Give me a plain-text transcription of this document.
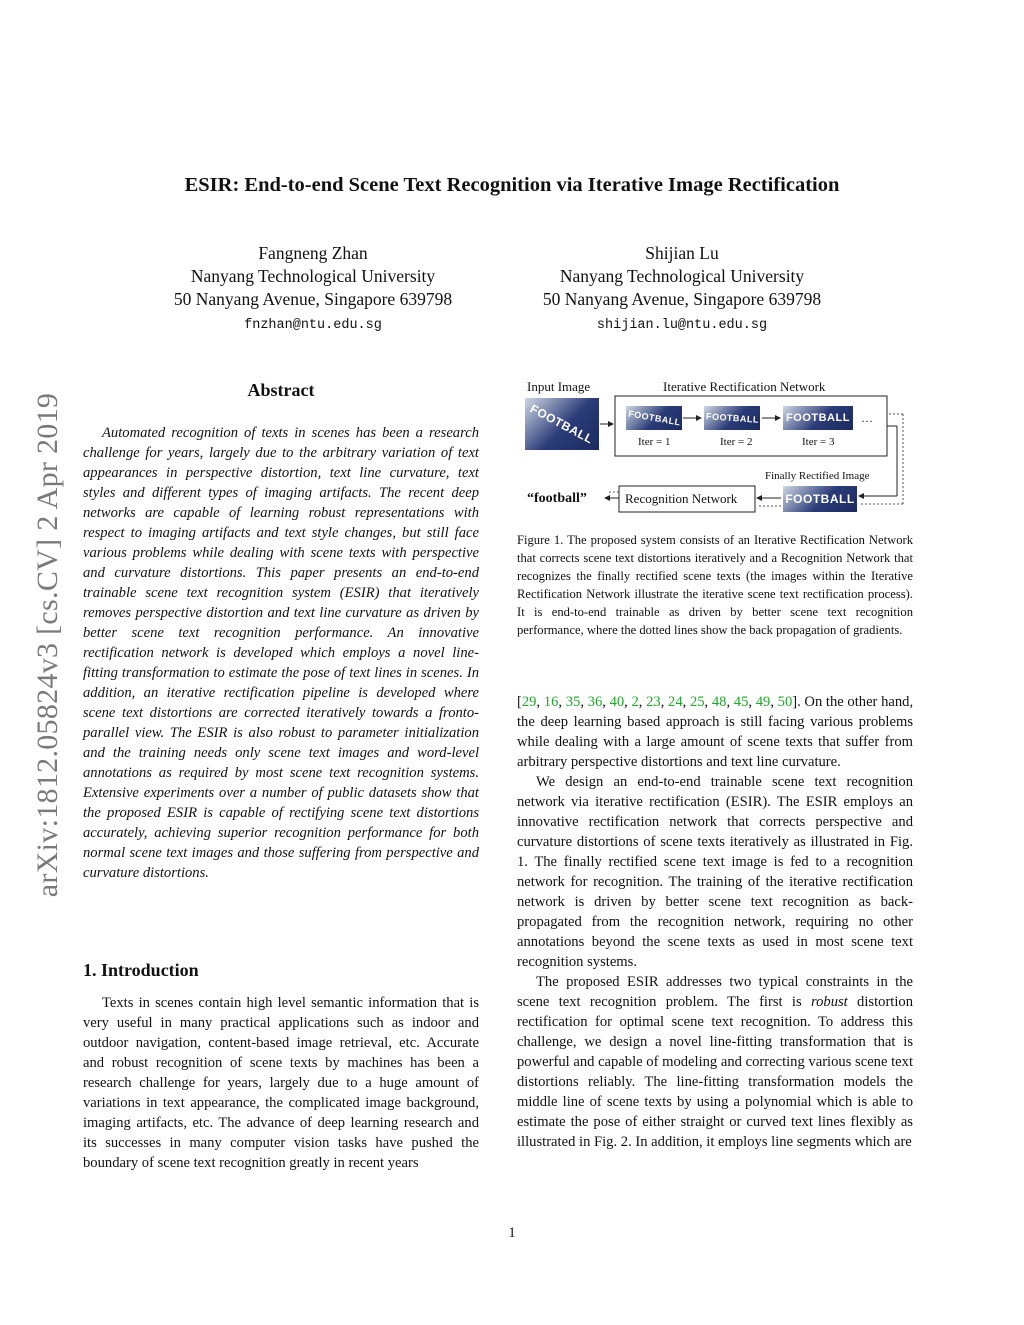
ESIR: End-to-end Scene Text Recognition via Iterative Image Rectification
Fangneng Zhan
Nanyang Technological University
50 Nanyang Avenue, Singapore 639798
fnzhan@ntu.edu.sg
Shijian Lu
Nanyang Technological University
50 Nanyang Avenue, Singapore 639798
shijian.lu@ntu.edu.sg
arXiv:1812.05824v3 [cs.CV] 2 Apr 2019
Abstract

Automated recognition of texts in scenes has been a research challenge for years, largely due to the arbitrary variation of text appearances in perspective distortion, text line curvature, text styles and different types of imaging artifacts. The recent deep networks are capable of learning robust representations with respect to imaging artifacts and text style changes, but still face various problems while dealing with scene texts with perspective and curvature distortions. This paper presents an end-to-end trainable scene text recognition system (ESIR) that iteratively removes perspective distortion and text line curvature as driven by better scene text recognition performance. An innovative rectification network is developed which employs a novel line-fitting transformation to estimate the pose of text lines in scenes. In addition, an iterative rectification pipeline is developed where scene text distortions are corrected iteratively towards a fronto-parallel view. The ESIR is also robust to parameter initialization and the training needs only scene text images and word-level annotations as required by most scene text recognition systems. Extensive experiments over a number of public datasets show that the proposed ESIR is capable of rectifying scene text distortions accurately, achieving superior recognition performance for both normal scene text images and those suffering from perspective and curvature distortions.

1. Introduction

Texts in scenes contain high level semantic information that is very useful in many practical applications such as indoor and outdoor navigation, content-based image retrieval, etc. Accurate and robust recognition of scene texts by machines has been a research challenge for years, largely due to a huge amount of variations in text appearance, the complicated image background, imaging artifacts, etc. The advance of deep learning research and its successes in many computer vision tasks have pushed the boundary of scene text recognition greatly in recent years

Input Image	Iterative Rectification Network
FOOTBALL	FOOTBALL	FOOTBALL FOOTBALL ···
Iter = 1	Iter = 2	Iter = 3
Finally Rectified Image
FOOTBALL
Recognition Network
“football”
Figure 1. The proposed system consists of an Iterative Rectification Network that corrects scene text distortions iteratively and a Recognition Network that recognizes the finally rectified scene texts (the images within the Iterative Rectification Network illustrate the iterative scene text rectification process). It is end-to-end trainable as driven by better scene text recognition performance, where the dotted lines show the back propagation of gradients.

[29, 16, 35, 36, 40, 2, 23, 24, 25, 48, 45, 49, 50]. On the other hand, the deep learning based approach is still facing various problems while dealing with a large amount of scene texts that suffer from arbitrary perspective distortions and text line curvature.

We design an end-to-end trainable scene text recognition network via iterative rectification (ESIR). The ESIR employs an innovative rectification network that corrects perspective and curvature distortions of scene texts iteratively as illustrated in Fig. 1. The finally rectified scene text image is fed to a recognition network for recognition. The training of the iterative rectification network is driven by better scene text recognition as back-propagated from the recognition network, requiring no other annotations beyond the scene texts as used in most scene text recognition systems.

The proposed ESIR addresses two typical constraints in the scene text recognition problem. The first is robust distortion rectification for optimal scene text recognition. To address this challenge, we design a novel line-fitting transformation that is powerful and capable of modeling and correcting various scene text distortions reliably. The line-fitting transformation models the middle line of scene texts by using a polynomial which is able to estimate the pose of either straight or curved text lines flexibly as illustrated in Fig. 2. In addition, it employs line segments which are

1
